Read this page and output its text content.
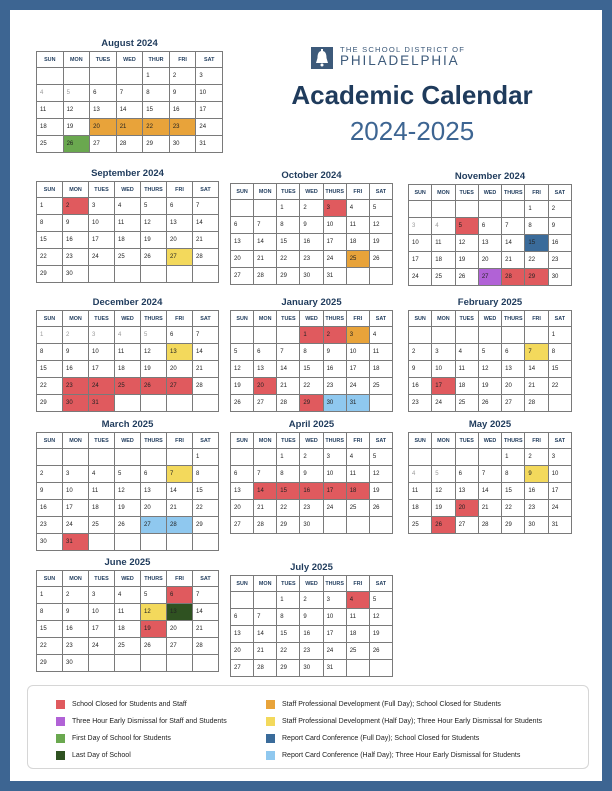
THE SCHOOL DISTRICT OF
PHILADELPHIA
Academic Calendar
2024-2025
August 2024
SUN	MON	TUES	WED	THUR	FRI	SAT
				1	2	3
4	5	6	7	8	9	10
11	12	13	14	15	16	17
18	19	20	21	22	23	24
25	26	27	28	29	30	31
September 2024
SUN	MON	TUES	WED	THURS	FRI	SAT
1	2	3	4	5	6	7
8	9	10	11	12	13	14
15	16	17	18	19	20	21
22	23	24	25	26	27	28
29	30					
October 2024
SUN	MON	TUES	WED	THURS	FRI	SAT
		1	2	3	4	5
6	7	8	9	10	11	12
13	14	15	16	17	18	19
20	21	22	23	24	25	26
27	28	29	30	31		
November 2024
SUN	MON	TUES	WED	THURS	FRI	SAT
					1	2
3	4	5	6	7	8	9
10	11	12	13	14	15	16
17	18	19	20	21	22	23
24	25	26	27	28	29	30
December 2024
SUN	MON	TUES	WED	THURS	FRI	SAT
1	2	3	4	5	6	7
8	9	10	11	12	13	14
15	16	17	18	19	20	21
22	23	24	25	26	27	28
29	30	31				
January 2025
SUN	MON	TUES	WED	THURS	FRI	SAT
			1	2	3	4
5	6	7	8	9	10	11
12	13	14	15	16	17	18
19	20	21	22	23	24	25
26	27	28	29	30	31	
February 2025
SUN	MON	TUES	WED	THURS	FRI	SAT
						1
2	3	4	5	6	7	8
9	10	11	12	13	14	15
16	17	18	19	20	21	22
23	24	25	26	27	28	
March 2025
SUN	MON	TUES	WED	THURS	FRI	SAT
						1
2	3	4	5	6	7	8
9	10	11	12	13	14	15
16	17	18	19	20	21	22
23	24	25	26	27	28	29
30	31					
April 2025
SUN	MON	TUES	WED	THURS	FRI	SAT
		1	2	3	4	5
6	7	8	9	10	11	12
13	14	15	16	17	18	19
20	21	22	23	24	25	26
27	28	29	30			
May 2025
SUN	MON	TUES	WED	THURS	FRI	SAT
				1	2	3
4	5	6	7	8	9	10
11	12	13	14	15	16	17
18	19	20	21	22	23	24
25	26	27	28	29	30	31
June 2025
SUN	MON	TUES	WED	THURS	FRI	SAT
1	2	3	4	5	6	7
8	9	10	11	12	13	14
15	16	17	18	19	20	21
22	23	24	25	26	27	28
29	30					
July 2025
SUN	MON	TUES	WED	THURS	FRI	SAT
		1	2	3	4	5
6	7	8	9	10	11	12
13	14	15	16	17	18	19
20	21	22	23	24	25	26
27	28	29	30	31		
School Closed for Students and Staff
Three Hour Early Dismissal for Staff and Students
First Day of School for Students
Last Day of School
Staff Professional Development (Full Day); School Closed for Students
Staff Professional Development (Half Day); Three Hour Early Dismissal for Students
Report Card Conference (Full Day); School Closed for Students
Report Card Conference (Half Day); Three Hour Early Dismissal for Students
